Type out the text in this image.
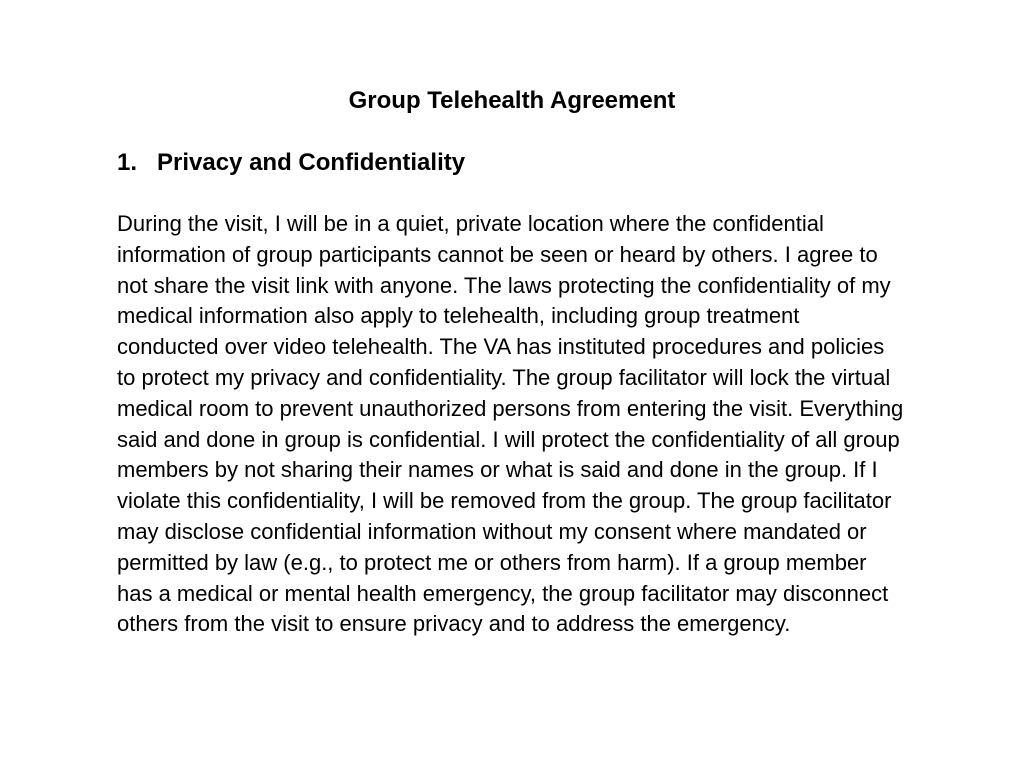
Group Telehealth Agreement
1. Privacy and Confidentiality

During the visit, I will be in a quiet, private location where the confidential information of group participants cannot be seen or heard by others. I agree to not share the visit link with anyone. The laws protecting the confidentiality of my medical information also apply to telehealth, including group treatment conducted over video telehealth. The VA has instituted procedures and policies to protect my privacy and confidentiality. The group facilitator will lock the virtual medical room to prevent unauthorized persons from entering the visit. Everything said and done in group is confidential. I will protect the confidentiality of all group members by not sharing their names or what is said and done in the group. If I violate this confidentiality, I will be removed from the group. The group facilitator may disclose confidential information without my consent where mandated or permitted by law (e.g., to protect me or others from harm). If a group member has a medical or mental health emergency, the group facilitator may disconnect others from the visit to ensure privacy and to address the emergency.
